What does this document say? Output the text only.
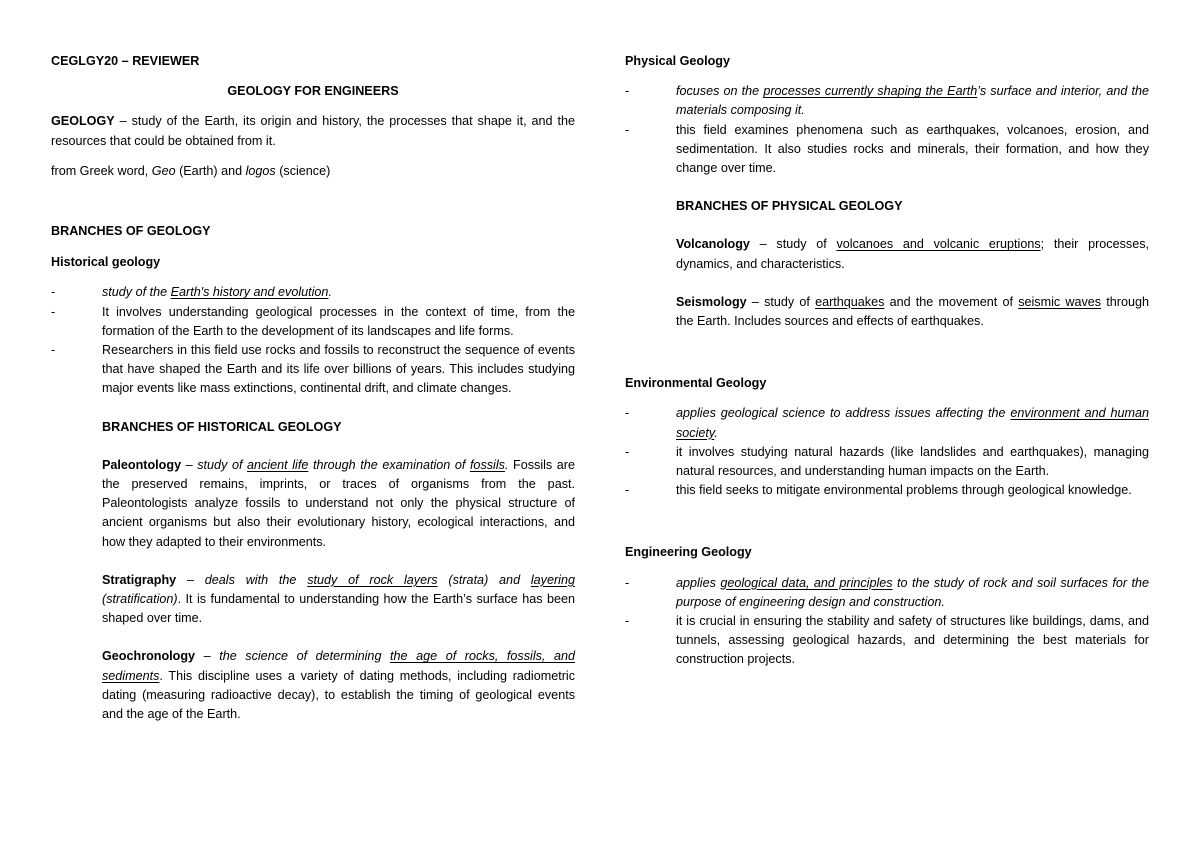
CEGLGY20 – REVIEWER

GEOLOGY FOR ENGINEERS

GEOLOGY – study of the Earth, its origin and history, the processes that shape it, and the resources that could be obtained from it.

from Greek word, Geo (Earth) and logos (science)

BRANCHES OF GEOLOGY

Historical geology

- study of the Earth's history and evolution.
- It involves understanding geological processes in the context of time, from the formation of the Earth to the development of its landscapes and life forms.
- Researchers in this field use rocks and fossils to reconstruct the sequence of events that have shaped the Earth and its life over billions of years. This includes studying major events like mass extinctions, continental drift, and climate changes.

BRANCHES OF HISTORICAL GEOLOGY

Paleontology – study of ancient life through the examination of fossils. Fossils are the preserved remains, imprints, or traces of organisms from the past. Paleontologists analyze fossils to understand not only the physical structure of ancient organisms but also their evolutionary history, ecological interactions, and how they adapted to their environments.

Stratigraphy – deals with the study of rock layers (strata) and layering (stratification). It is fundamental to understanding how the Earth’s surface has been shaped over time.

Geochronology – the science of determining the age of rocks, fossils, and sediments. This discipline uses a variety of dating methods, including radiometric dating (measuring radioactive decay), to establish the timing of geological events and the age of the Earth.

Physical Geology

- focuses on the processes currently shaping the Earth’s surface and interior, and the materials composing it.
- this field examines phenomena such as earthquakes, volcanoes, erosion, and sedimentation. It also studies rocks and minerals, their formation, and how they change over time.

BRANCHES OF PHYSICAL GEOLOGY

Volcanology – study of volcanoes and volcanic eruptions; their processes, dynamics, and characteristics.

Seismology – study of earthquakes and the movement of seismic waves through the Earth. Includes sources and effects of earthquakes.

Environmental Geology

- applies geological science to address issues affecting the environment and human society.
- it involves studying natural hazards (like landslides and earthquakes), managing natural resources, and understanding human impacts on the Earth.
- this field seeks to mitigate environmental problems through geological knowledge.

Engineering Geology

- applies geological data, and principles to the study of rock and soil surfaces for the purpose of engineering design and construction.
- it is crucial in ensuring the stability and safety of structures like buildings, dams, and tunnels, assessing geological hazards, and determining the best materials for construction projects.
